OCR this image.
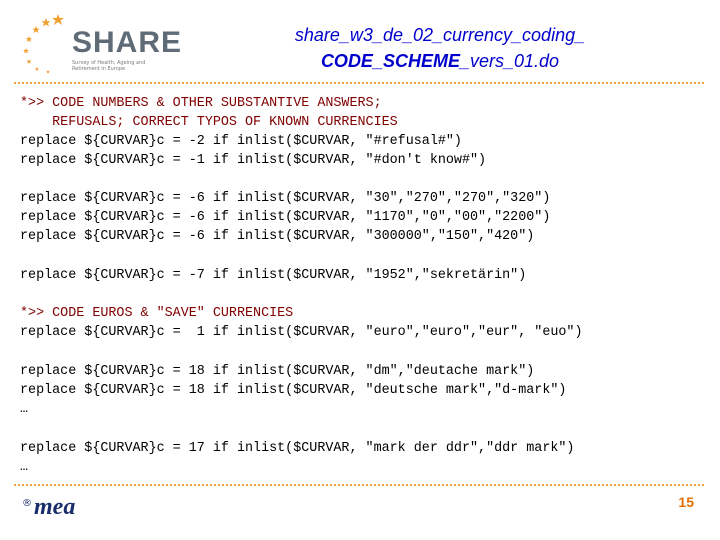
SHARE
Survey of Health, Ageing and Retirement in Europe
share_w3_de_02_currency_coding_
CODE_SCHEME_vers_01.do
*>> CODE NUMBERS & OTHER SUBSTANTIVE ANSWERS;
REFUSALS; CORRECT TYPOS OF KNOWN CURRENCIES
replace ${CURVAR}c = -2 if inlist($CURVAR, "#refusal#")
replace ${CURVAR}c = -1 if inlist($CURVAR, "#don't know#")
replace ${CURVAR}c = -6 if inlist($CURVAR, "30","270","270","320")
replace ${CURVAR}c = -6 if inlist($CURVAR, "1170","0","00","2200")
replace ${CURVAR}c = -6 if inlist($CURVAR, "300000","150","420")
replace ${CURVAR}c = -7 if inlist($CURVAR, "1952","sekretärin")
*>> CODE EUROS & "SAVE" CURRENCIES
replace ${CURVAR}c =  1 if inlist($CURVAR, "euro","euro","eur", "euo")
replace ${CURVAR}c = 18 if inlist($CURVAR, "dm","deutache mark")
replace ${CURVAR}c = 18 if inlist($CURVAR, "deutsche mark","d-mark")
…
replace ${CURVAR}c = 17 if inlist($CURVAR, "mark der ddr","ddr mark")
…
® mea	15
